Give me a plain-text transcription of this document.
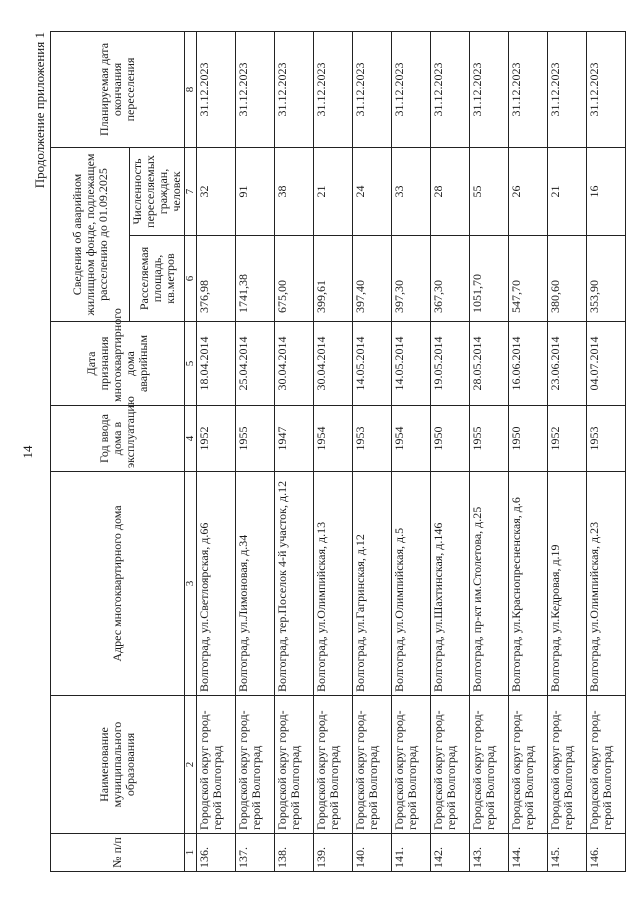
14
Продолжение приложения 1
№ п/п	Наименование муниципального образования	Адрес многоквартирного дома	Год ввода дома в эксплуатацию	Дата признания многоквартирного дома аварийным	Сведения об аварийном жилищном фонде, подлежащем расселению до 01.09.2025		Планируемая дата окончания переселения
					Расселяемая площадь, кв.метров	Численность переселяемых граждан, человек	
1	2	3	4	5	6	7	8
136.	Городской округ город-герой Волгоград	Волгоград, ул.Светлоярская, д.66	1952	18.04.2014	376,98	32	31.12.2023
137.	Городской округ город-герой Волгоград	Волгоград, ул.Лимоновая, д.34	1955	25.04.2014	1741,38	91	31.12.2023
138.	Городской округ город-герой Волгоград	Волгоград, тер.Поселок 4-й участок, д.12	1947	30.04.2014	675,00	38	31.12.2023
139.	Городской округ город-герой Волгоград	Волгоград, ул.Олимпийская, д.13	1954	30.04.2014	399,61	21	31.12.2023
140.	Городской округ город-герой Волгоград	Волгоград, ул.Гагринская, д.12	1953	14.05.2014	397,40	24	31.12.2023
141.	Городской округ город-герой Волгоград	Волгоград, ул.Олимпийская, д.5	1954	14.05.2014	397,30	33	31.12.2023
142.	Городской округ город-герой Волгоград	Волгоград, ул.Шахтинская, д.146	1950	19.05.2014	367,30	28	31.12.2023
143.	Городской округ город-герой Волгоград	Волгоград, пр-кт им.Столетова, д.25	1955	28.05.2014	1051,70	55	31.12.2023
144.	Городской округ город-герой Волгоград	Волгоград, ул.Краснопресненская, д.6	1950	16.06.2014	547,70	26	31.12.2023
145.	Городской округ город-герой Волгоград	Волгоград, ул.Кедровая, д.19	1952	23.06.2014	380,60	21	31.12.2023
146.	Городской округ город-герой Волгоград	Волгоград, ул.Олимпийская, д.23	1953	04.07.2014	353,90	16	31.12.2023
